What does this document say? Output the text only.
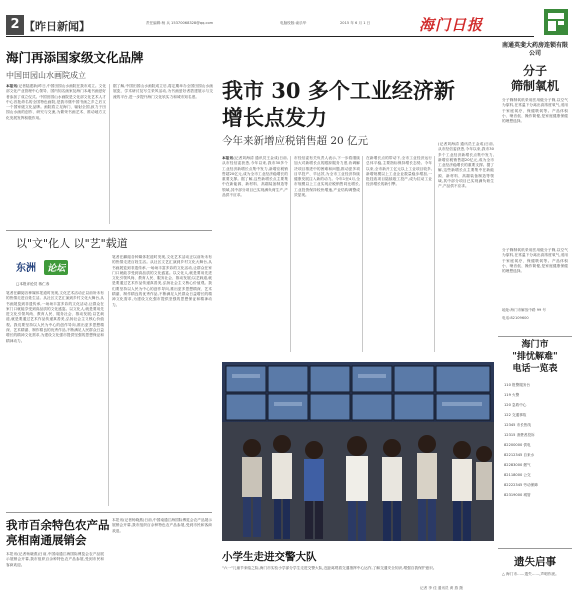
2 【昨日新闻】	责任编辑:杨 兵 15370068328@qq.com	电脑校版:俞乐华	2015 年 6 月 1 日	海门日报
海门再添国家级文化品牌
中国田园山水画院成立
本报讯(记者陆建新)昨日,中国田园山水画院在我市成立。文化部文化产业管理中心领导、国内知名画家及海门本地书画爱好者参加了成立仪式。中国田园山水画院是文化部文化艺术人才中心首批命名的全国特色画院,是我市继中国书画之乡之后又一个国家级文化品牌。画院将立足海门、辐射全国,致力于田园山水画的创作、研究与交流,为繁荣书画艺术、推动地方文化发展发挥积极作用。
据了解,中国田园山水画院成立后,将定期举办全国田园山水画展览、学术研讨及写生采风活动,为书画爱好者搭建展示与交流的平台,进一步提升海门文化软实力和城市知名度。
以"文"化人 以"艺"载道
东洲 论坛
□本报评论员 蒋仁寿
笔者在翻阅各种媒体报道时发现,文化艺术活动正以前所未有的热情走进百姓生活。从社区文艺汇演到乡村文化大舞台,从书画展览到非遗传承,一场场丰富多彩的文化活动,让群众在家门口就能享受到高品质的文化盛宴。以文化人,就是要用先进文化引领风尚、教育人民、服务社会、推动发展;以艺载道,就是要通过艺术作品传递真善美,弘扬社会主义核心价值观。我们要坚持以人民为中心的创作导向,推出更多思想精深、艺术精湛、制作精良的优秀作品,不断满足人民群众日益增长的精神文化需求,为建设文化强市提供坚强的思想保证和精神动力。
笔者在翻阅各种媒体报道时发现,文化艺术活动正以前所未有的热情走进百姓生活。从社区文艺汇演到乡村文化大舞台,从书画展览到非遗传承,一场场丰富多彩的文化活动,让群众在家门口就能享受到高品质的文化盛宴。以文化人,就是要用先进文化引领风尚、教育人民、服务社会、推动发展;以艺载道,就是要通过艺术作品传递真善美,弘扬社会主义核心价值观。我们要坚持以人民为中心的创作导向,推出更多思想精深、艺术精湛、制作精良的优秀作品,不断满足人民群众日益增长的精神文化需求,为建设文化强市提供坚强的思想保证和精神动力。
我市百余特色农产品亮相南通展销会
本报讯(记者杨晓燕)日前,中国南通江海国际博览会农产品展示展销会开幕,我市组织百余种特色农产品参展,受到市民和客商欢迎。
本报讯(记者杨晓燕)日前,中国南通江海国际博览会农产品展示展销会开幕,我市组织百余种特色农产品参展,受到市民和客商欢迎。
我市 30 多个工业经济新增长点发力
今年来新增应税销售超 20 亿元
本报讯(记者刘海清 通讯员王金成)日前,从市经信委获悉,今年以来,我市30多个工业经济新增长点集中发力,新增应税销售超20亿元,成为全市工业经济稳增长的重要支撑。据了解,这些新增长点主要集中在新能源、新材料、高端装备制造等领域,其中部分项目已实现满负荷生产,产品供不应求。
市经信委有关负责人表示,下一步将继续加大对新增长点的跟踪服务力度,协调解决项目推进中的困难和问题,推动更多项目早投产、早达效,为全市工业经济持续健康发展注入新的动力。今年1至4月,全市规模以上工业实现应税销售同比增长,工业投资保持较快增速,产业结构调整成效显现。
在新增长点的带动下,全市工业经济运行总体平稳,主要指标保持增长态势。今年以来,全市新开工亿元以上工业项目较多,新增规模以上工业企业数量稳步增加,一批技改项目陆续竣工投产,成为拉动工业经济增长的新引擎。
(记者刘海清 通讯员王金成)日前,从市经信委获悉,今年以来,我市30多个工业经济新增长点集中发力,新增应税销售超20亿元,成为全市工业经济稳增长的重要支撑。据了解,这些新增长点主要集中在新能源、新材料、高端装备制造等领域,其中部分项目已实现满负荷生产,产品供不应求。
小学生走进交警大队
"六一"儿童节来临之际,海门市实验小学部分学生走进交警大队,近距离观看交通指挥中心运作,了解交通安全知识,增强自我保护意识。
记者 李 佳 通讯员 黄 燕 摄
南通英斐大药房连锁有限公司
分子
筛制氧机
分子筛制氧机采用医用级分子筛,以空气为原料,在常温下分离出高浓度氧气,适用于家庭氧疗、保健吸氧等。产品体积小、噪音低、操作简便,是家庭健康保健的理想选择。
分子筛制氧机采用医用级分子筛,以空气为原料,在常温下分离出高浓度氧气,适用于家庭氧疗、保健吸氧等。产品体积小、噪音低、操作简便,是家庭健康保健的理想选择。
地址:海门市解放中路 99 号
电话:82109600
海门市
"排忧解难"
电话一览表
110 报警服务台
119 火警
120 急救中心
122 交通事故
12345 市长热线
12315 消费者投诉
82200000 供电
82212345 自来水
82283000 燃气
82118000 公交
82222345 劳动保障
82319000 城管
遗失启事
△ 海门市……遗失……,声明作废。
